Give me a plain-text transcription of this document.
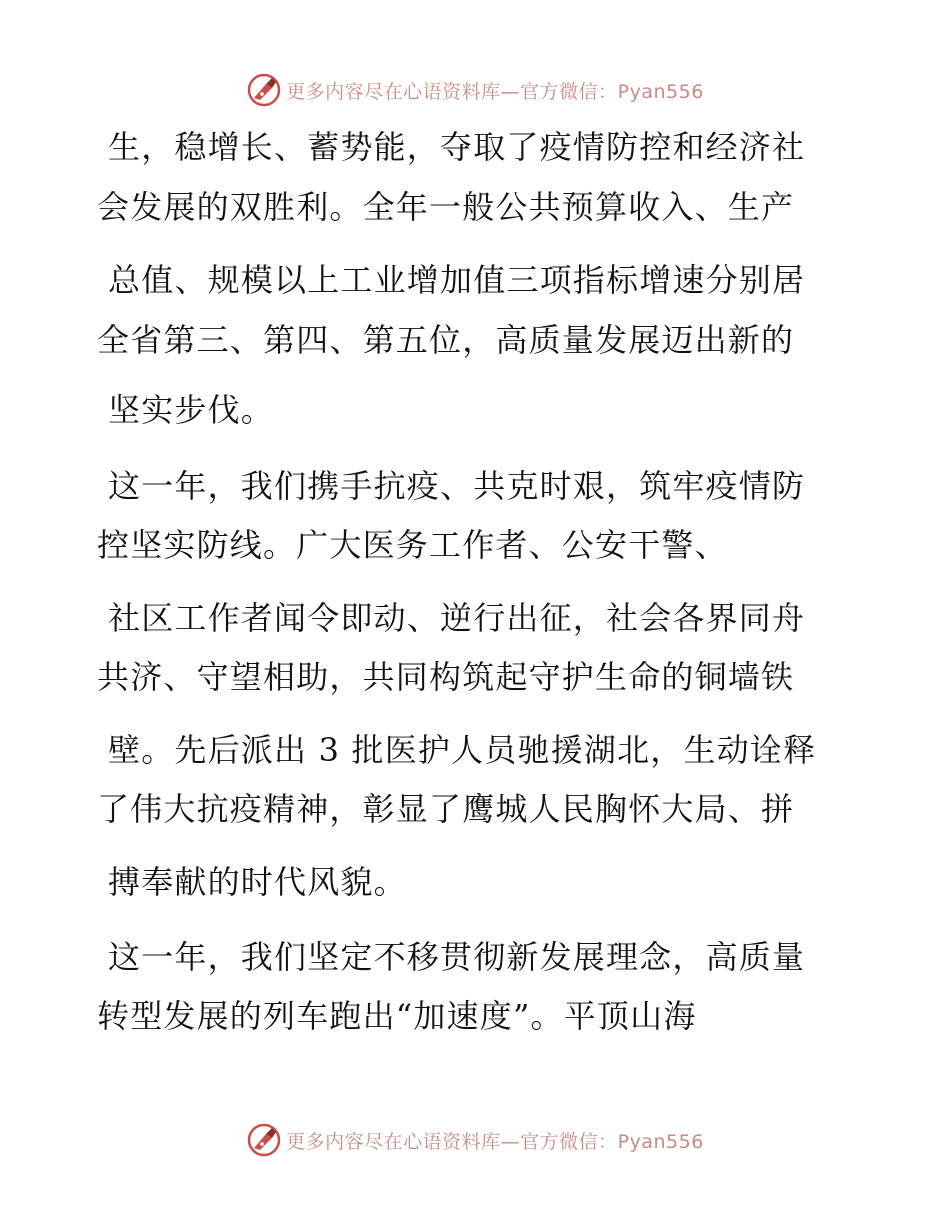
更多内容尽在心语资料库—官方微信：Pyan556
生，稳增长、蓄势能，夺取了疫情防控和经济社
会发展的双胜利。全年一般公共预算收入、生产
总值、规模以上工业增加值三项指标增速分别居
全省第三、第四、第五位，高质量发展迈出新的
坚实步伐。
这一年，我们携手抗疫、共克时艰，筑牢疫情防
控坚实防线。广大医务工作者、公安干警、
社区工作者闻令即动、逆行出征，社会各界同舟
共济、守望相助，共同构筑起守护生命的铜墙铁
壁。先后派出 3 批医护人员驰援湖北，生动诠释
了伟大抗疫精神，彰显了鹰城人民胸怀大局、拼
搏奉献的时代风貌。
这一年，我们坚定不移贯彻新发展理念，高质量
转型发展的列车跑出“加速度”。平顶山海
更多内容尽在心语资料库—官方微信：Pyan556
